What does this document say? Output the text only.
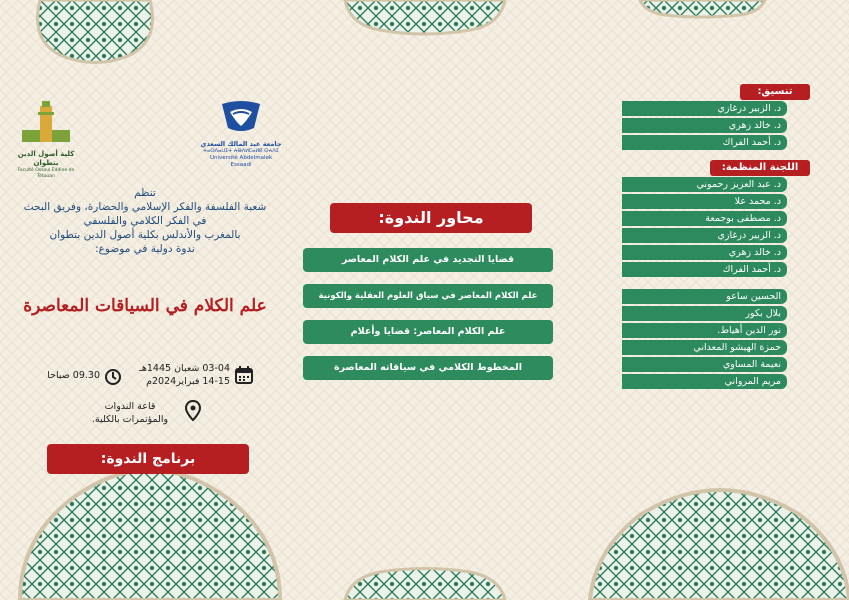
جامعة عبد المالك السعدي
ⵜⴰⵙⴷⴰⵡⵉⵜ ⵄⴱⴷⵍⵎⴰⵍⴽ ⵙⵄⴷⵉ
Université Abdelmalek Essaadi
كلية أصول الدين بتطوان
Faculté Ossoul Eddine de Tétouan
تنظم
شعبة الفلسفة والفكر الإسلامي والحضارة، وفريق البحث
في الفكر الكلامي والفلسفي
بالمغرب والأندلس بكلية أصول الدين بتطوان
ندوة دولية في موضوع:
علم الكلام في السياقات المعاصرة
03-04 شعبان 1445هـ
14-15 فبراير2024م
09.30 صباحا
قاعة الندوات
والمؤتمرات بالكلية.
برنامج الندوة:
محاور الندوة:
قضايا التجديد في علم الكلام المعاصر
علم الكلام المعاصر في سياق العلوم العقلية والكونية
علم الكلام المعاصر: قضايا وأعلام
المخطوط الكلامي في سياقاته المعاصرة
تنسيق:
د. الزبير درغازي
د. خالد زهري
د. أحمد الفراك
اللجنة المنظمة:
د. عبد العزيز رحموني
د. محمد علا
د. مصطفى بوجمعة
د. الزبير درغازي
د. خالد زهري
د. أحمد الفراك
الحسين ساعو
بلال بكور
نور الدين أهياط.
حمزة الهيشو المعداني
نعيمة المساوي
مريم المرواني
